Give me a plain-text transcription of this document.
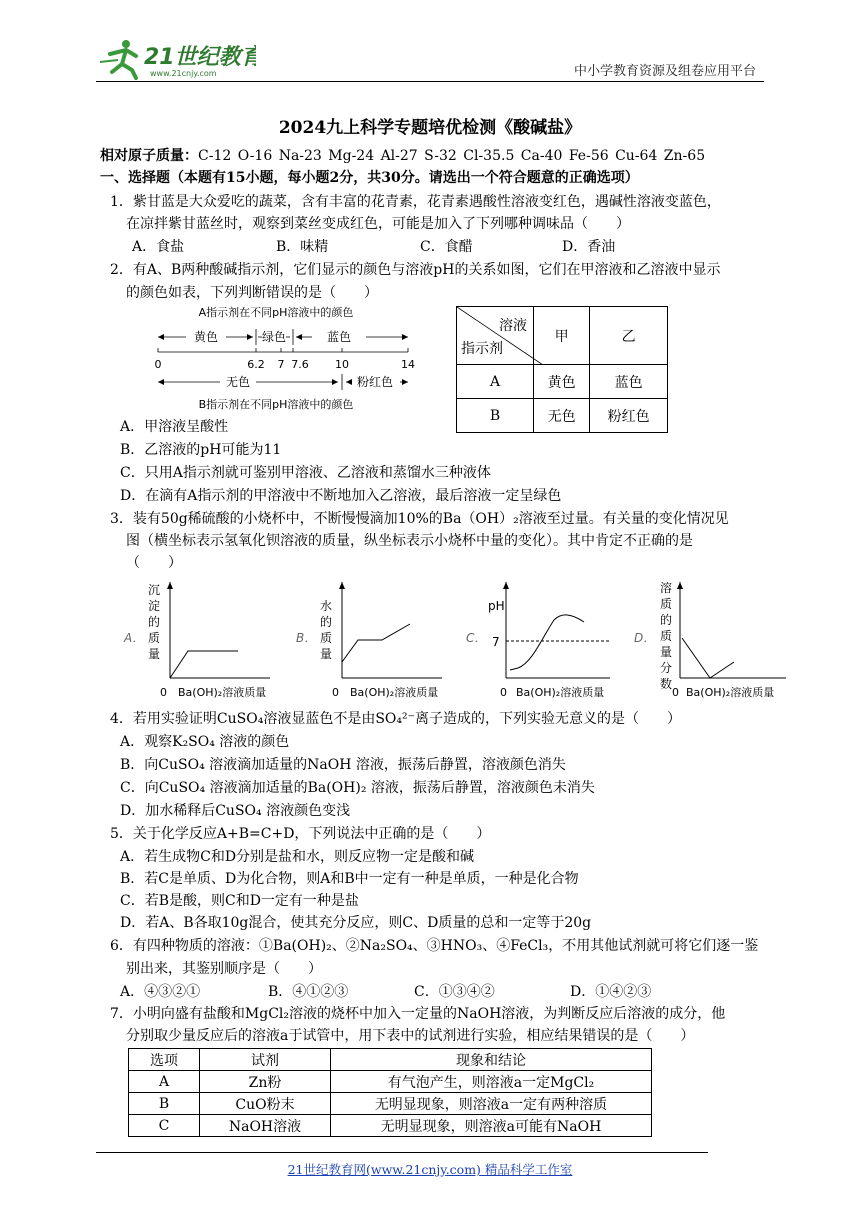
21世纪教育
www.21cnjy.com	中小学教育资源及组卷应用平台
2024九上科学专题培优检测《酸碱盐》
相对原子质量：C-12 O-16 Na-23 Mg-24 Al-27 S-32 Cl-35.5 Ca-40 Fe-56 Cu-64 Zn-65
一、选择题（本题有15小题，每小题2分，共30分。请选出一个符合题意的正确选项）
1．紫甘蓝是大众爱吃的蔬菜，含有丰富的花青素，花青素遇酸性溶液变红色，遇碱性溶液变蓝色，
在凉拌紫甘蓝丝时，观察到菜丝变成红色，可能是加入了下列哪种调味品（　　）
A．食盐	B．味精	C．食醋	D．香油
2．有A、B两种酸碱指示剂，它们显示的颜色与溶液pH的关系如图，它们在甲溶液和乙溶液中显示
的颜色如表，下列判断错误的是（　　）
A指示剂在不同pH溶液中的颜色
黄色	绿色	蓝色
0	6.2 7 7.6 10	14
无色	粉红色
B指示剂在不同pH溶液中的颜色
溶液
指示剂	甲	乙
A	黄色	蓝色
B	无色	粉红色
A．甲溶液呈酸性
B．乙溶液的pH可能为11
C．只用A指示剂就可鉴别甲溶液、乙溶液和蒸馏水三种液体
D．在滴有A指示剂的甲溶液中不断地加入乙溶液，最后溶液一定呈绿色
3．装有50g稀硫酸的小烧杯中，不断慢慢滴加10%的Ba（OH）₂溶液至过量。有关量的变化情况见
图（横坐标表示氢氧化钡溶液的质量，纵坐标表示小烧杯中量的变化）。其中肯定不正确的是
（　　）
A．
沉
淀
的
质
量
0 Ba(OH)₂溶液质量
B．
水
的
质
量
0 Ba(OH)₂溶液质量
C．
pH
7
0 Ba(OH)₂溶液质量
D．
溶
质
的
质
量
分
数
0 Ba(OH)₂溶液质量
4．若用实验证明CuSO₄溶液显蓝色不是由SO₄²⁻离子造成的，下列实验无意义的是（　　）
A．观察K₂SO₄ 溶液的颜色
B．向CuSO₄ 溶液滴加适量的NaOH 溶液，振荡后静置，溶液颜色消失
C．向CuSO₄ 溶液滴加适量的Ba(OH)₂ 溶液，振荡后静置，溶液颜色未消失
D．加水稀释后CuSO₄ 溶液颜色变浅
5．关于化学反应A+B=C+D，下列说法中正确的是（　　）
A．若生成物C和D分别是盐和水，则反应物一定是酸和碱
B．若C是单质、D为化合物，则A和B中一定有一种是单质，一种是化合物
C．若B是酸，则C和D一定有一种是盐
D．若A、B各取10g混合，使其充分反应，则C、D质量的总和一定等于20g
6．有四种物质的溶液：①Ba(OH)₂、②Na₂SO₄、③HNO₃、④FeCl₃，不用其他试剂就可将它们逐一鉴
别出来，其鉴别顺序是（　　）
A．④③②①	B．④①②③	C．①③④②	D．①④②③
7．小明向盛有盐酸和MgCl₂溶液的烧杯中加入一定量的NaOH溶液，为判断反应后溶液的成分，他
分别取少量反应后的溶液a于试管中，用下表中的试剂进行实验，相应结果错误的是（　　）
选项	试剂	现象和结论
A	Zn粉	有气泡产生，则溶液a一定MgCl₂
B	CuO粉末	无明显现象，则溶液a一定有两种溶质
C	NaOH溶液	无明显现象，则溶液a可能有NaOH
21世纪教育网(www.21cnjy.com) 精品科学工作室
